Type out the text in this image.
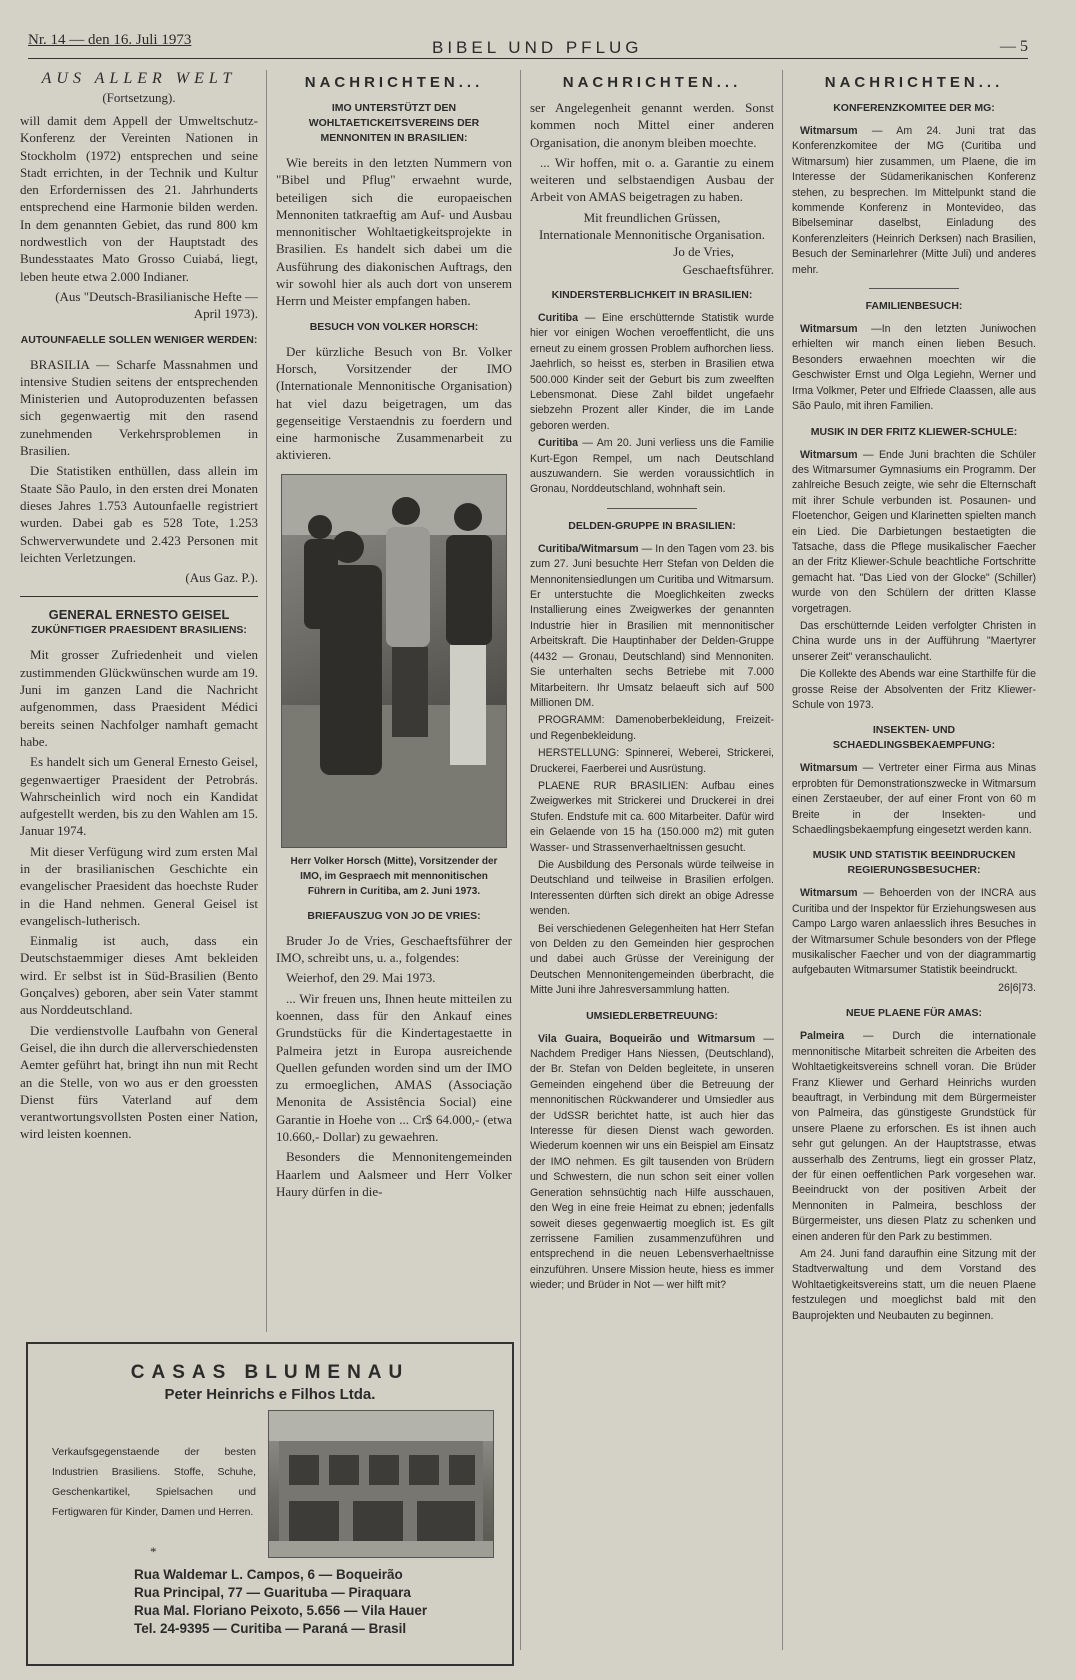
Nr. 14 — den 16. Juli 1973	BIBEL UND PFLUG	— 5
AUS ALLER WELT
(Fortsetzung).

will damit dem Appell der Umweltschutz-Konferenz der Vereinten Nationen in Stockholm (1972) entsprechen und seine Stadt errichten, in der Technik und Kultur den Erfordernissen des 21. Jahrhunderts entsprechend eine Harmonie bilden werden. In dem genannten Gebiet, das rund 800 km nordwestlich von der Hauptstadt des Bundesstaates Mato Grosso Cuiabá, liegt, leben heute etwa 2.000 Indianer.

(Aus "Deutsch-Brasilianische Hefte — April 1973).

AUTOUNFAELLE SOLLEN WENIGER WERDEN:

BRASILIA — Scharfe Massnahmen und intensive Studien seitens der entsprechenden Ministerien und Autoproduzenten befassen sich gegenwaertig mit den rasend zunehmenden Verkehrsproblemen in Brasilien.

Die Statistiken enthüllen, dass allein im Staate São Paulo, in den ersten drei Monaten dieses Jahres 1.753 Autounfaelle registriert wurden. Dabei gab es 528 Tote, 1.253 Schwerverwundete und 2.423 Personen mit leichten Verletzungen.

(Aus Gaz. P.).

GENERAL ERNESTO GEISEL
ZUKÜNFTIGER PRAESIDENT BRASILIENS:

Mit grosser Zufriedenheit und vielen zustimmenden Glückwünschen wurde am 19. Juni im ganzen Land die Nachricht aufgenommen, dass Praesident Médici bereits seinen Nachfolger namhaft gemacht habe.

Es handelt sich um General Ernesto Geisel, gegenwaertiger Praesident der Petrobrás. Wahrscheinlich wird noch ein Kandidat aufgestellt werden, bis zu den Wahlen am 15. Januar 1974.

Mit dieser Verfügung wird zum ersten Mal in der brasilianischen Geschichte ein evangelischer Praesident das hoechste Ruder in die Hand nehmen. General Geisel ist evangelisch-lutherisch.

Einmalig ist auch, dass ein Deutschstaemmiger dieses Amt bekleiden wird. Er selbst ist in Süd-Brasilien (Bento Gonçalves) geboren, aber sein Vater stammt aus Norddeutschland.

Die verdienstvolle Laufbahn von General Geisel, die ihn durch die allerverschiedensten Aemter geführt hat, bringt ihn nun mit Recht an die Stelle, von wo aus er den groessten Dienst fürs Vaterland auf dem verantwortungsvollsten Posten einer Nation, wird leisten koennen.

NACHRICHTEN...
IMO UNTERSTÜTZT DEN WOHLTAETICKEITSVEREINS DER MENNONITEN IN BRASILIEN:

Wie bereits in den letzten Nummern von "Bibel und Pflug" erwaehnt wurde, beteiligen sich die europaeischen Mennoniten tatkraeftig am Auf- und Ausbau mennonitischer Wohltaetigkeitsprojekte in Brasilien. Es handelt sich dabei um die Ausführung des diakonischen Auftrags, den wir sowohl hier als auch dort von unserem Herrn und Meister empfangen haben.

BESUCH VON VOLKER HORSCH:

Der kürzliche Besuch von Br. Volker Horsch, Vorsitzender der IMO (Internationale Mennonitische Organisation) hat viel dazu beigetragen, um das gegenseitige Verstaendnis zu foerdern und eine harmonische Zusammenarbeit zu aktivieren.

Herr Volker Horsch (Mitte), Vorsitzender der IMO, im Gespraech mit mennonitischen Führern in Curitiba, am 2. Juni 1973.
BRIEFAUSZUG VON JO DE VRIES:

Bruder Jo de Vries, Geschaeftsführer der IMO, schreibt uns, u. a., folgendes:

Weierhof, den 29. Mai 1973.

... Wir freuen uns, Ihnen heute mitteilen zu koennen, dass für den Ankauf eines Grundstücks für die Kindertagestaette in Palmeira jetzt in Europa ausreichende Quellen gefunden worden sind um der IMO zu ermoeglichen, AMAS (Associação Menonita de Assistência Social) eine Garantie in Hoehe von ... Cr$ 64.000,- (etwa 10.660,- Dollar) zu gewaehren.

Besonders die Mennonitengemeinden Haarlem und Aalsmeer und Herr Volker Haury dürfen in die-

NACHRICHTEN...

ser Angelegenheit genannt werden. Sonst kommen noch Mittel einer anderen Organisation, die anonym bleiben moechte.

... Wir hoffen, mit o. a. Garantie zu einem weiteren und selbstaendigen Ausbau der Arbeit von AMAS beigetragen zu haben.

Mit freundlichen Grüssen,

Internationale Mennonitische Organisation.

Jo de Vries,

Geschaeftsführer.

KINDERSTERBLICHKEIT IN BRASILIEN:

Curitiba — Eine erschütternde Statistik wurde hier vor einigen Wochen veroeffentlicht, die uns erneut zu einem grossen Problem aufhorchen liess. Jaehrlich, so heisst es, sterben in Brasilien etwa 500.000 Kinder seit der Geburt bis zum zweelften Lebensmonat. Diese Zahl bildet ungefaehr siebzehn Prozent aller Kinder, die im Lande geboren werden.

Curitiba — Am 20. Juni verliess uns die Familie Kurt-Egon Rempel, um nach Deutschland auszuwandern. Sie werden voraussichtlich in Gronau, Norddeutschland, wohnhaft sein.

DELDEN-GRUPPE IN BRASILIEN:

Curitiba/Witmarsum — In den Tagen vom 23. bis zum 27. Juni besuchte Herr Stefan von Delden die Mennonitensiedlungen um Curitiba und Witmarsum. Er unterstuchte die Moeglichkeiten zwecks Installierung eines Zweigwerkes der genannten Industrie hier in Brasilien mit mennonitischer Arbeitskraft. Die Hauptinhaber der Delden-Gruppe (4432 — Gronau, Deutschland) sind Mennoniten. Sie unterhalten sechs Betriebe mit 7.000 Mitarbeitern. Ihr Umsatz belaeuft sich auf 500 Millionen DM.

PROGRAMM: Damenoberbekleidung, Freizeit- und Regenbekleidung.

HERSTELLUNG: Spinnerei, Weberei, Strickerei, Druckerei, Faerberei und Ausrüstung.

PLAENE RUR BRASILIEN: Aufbau eines Zweigwerkes mit Strickerei und Druckerei in drei Stufen. Endstufe mit ca. 600 Mitarbeiter. Dafür wird ein Gelaende von 15 ha (150.000 m2) mit guten Wasser- und Strassenverhaeltnissen gesucht.

Die Ausbildung des Personals würde teilweise in Deutschland und teilweise in Brasilien erfolgen. Interessenten dürften sich direkt an obige Adresse wenden.

Bei verschiedenen Gelegenheiten hat Herr Stefan von Delden zu den Gemeinden hier gesprochen und dabei auch Grüsse der Vereinigung der Deutschen Mennonitengemeinden überbracht, die Mitte Juni ihre Jahresversammlung hatten.

UMSIEDLERBETREUUNG:

Vila Guaira, Boqueirão und Witmarsum — Nachdem Prediger Hans Niessen, (Deutschland), der Br. Stefan von Delden begleitete, in unseren Gemeinden eingehend über die Betreuung der mennonitischen Rückwanderer und Umsiedler aus der UdSSR berichtet hatte, ist auch hier das Interesse für diesen Dienst wach geworden. Wiederum koennen wir uns ein Beispiel am Einsatz der IMO nehmen. Es gilt tausenden von Brüdern und Schwestern, die nun schon seit einer vollen Generation sehnsüchtig nach Hilfe ausschauen, den Weg in eine freie Heimat zu ebnen; jedenfalls soweit dieses gegenwaertig moeglich ist. Es gilt zerrissene Familien zusammenzuführen und entsprechend in die neuen Lebensverhaeltnisse einzuführen. Unsere Mission heute, hiess es immer wieder; und Brüder in Not — wer hilft mit?

NACHRICHTEN...
KONFERENZKOMITEE DER MG:

Witmarsum — Am 24. Juni trat das Konferenzkomitee der MG (Curitiba und Witmarsum) hier zusammen, um Plaene, die im Interesse der Südamerikanischen Konferenz stehen, zu besprechen. Im Mittelpunkt stand die kommende Konferenz in Montevideo, das Bibelseminar daselbst, Einladung des Konferenzleiters (Heinrich Derksen) nach Brasilien, Besuch der Seminarlehrer (Mitte Juli) und anderes mehr.

FAMILIENBESUCH:

Witmarsum —In den letzten Juniwochen erhielten wir manch einen lieben Besuch. Besonders erwaehnen moechten wir die Geschwister Ernst und Olga Legiehn, Werner und Irma Volkmer, Peter und Elfriede Claassen, alle aus São Paulo, mit ihren Familien.

MUSIK IN DER FRITZ KLIEWER-SCHULE:

Witmarsum — Ende Juni brachten die Schüler des Witmarsumer Gymnasiums ein Programm. Der zahlreiche Besuch zeigte, wie sehr die Elternschaft mit ihrer Schule verbunden ist. Posaunen- und Floetenchor, Geigen und Klarinetten spielten manch ein Lied. Die Darbietungen bestaetigten die Tatsache, dass die Pflege musikalischer Faecher an der Fritz Kliewer-Schule beachtliche Fortschritte gemacht hat. "Das Lied von der Glocke" (Schiller) wurde von den Schülern der dritten Klasse vorgetragen.

Das erschütternde Leiden verfolgter Christen in China wurde uns in der Aufführung "Maertyrer unserer Zeit" veranschaulicht.

Die Kollekte des Abends war eine Starthilfe für die grosse Reise der Absolventen der Fritz Kliewer-Schule von 1973.

INSEKTEN- UND SCHAEDLINGSBEKAEMPFUNG:

Witmarsum — Vertreter einer Firma aus Minas erprobten für Demonstrationszwecke in Witmarsum einen Zerstaeuber, der auf einer Front von 60 m Breite in der Insekten- und Schaedlingsbekaempfung eingesetzt werden kann.

MUSIK UND STATISTIK BEEINDRUCKEN REGIERUNGSBESUCHER:

Witmarsum — Behoerden von der INCRA aus Curitiba und der Inspektor für Erziehungswesen aus Campo Largo waren anlaesslich ihres Besuches in der Witmarsumer Schule besonders von der Pflege musikalischer Faecher und von der diagrammartig aufgebauten Witmarsumer Statistik beeindruckt.

26|6|73.

NEUE PLAENE FÜR AMAS:

Palmeira — Durch die internationale mennonitische Mitarbeit schreiten die Arbeiten des Wohltaetigkeitsvereins schnell voran. Die Brüder Franz Kliewer und Gerhard Heinrichs wurden beauftragt, in Verbindung mit dem Bürgermeister von Palmeira, das günstigeste Grundstück für unsere Plaene zu erforschen. Es ist ihnen auch sehr gut gelungen. An der Hauptstrasse, etwas ausserhalb des Zentrums, liegt ein grosser Platz, der für einen oeffentlichen Park vorgesehen war. Beeindruckt von der positiven Arbeit der Mennoniten in Palmeira, beschloss der Bürgermeister, uns diesen Platz zu schenken und einen anderen für den Park zu bestimmen.

Am 24. Juni fand daraufhin eine Sitzung mit der Stadtverwaltung und dem Vorstand des Wohltaetigkeitsvereins statt, um die neuen Plaene festzulegen und moeglichst bald mit den Bauprojekten und Neubauten zu beginnen.

CASAS BLUMENAU
Peter Heinrichs e Filhos Ltda.
Verkaufsgegenstaende der besten Industrien Brasiliens. Stoffe, Schuhe, Geschenkartikel, Spielsachen und Fertigwaren für Kinder, Damen und Herren.
*
Rua Waldemar L. Campos, 6 — Boqueirão
Rua Principal, 77 — Guarituba — Piraquara
Rua Mal. Floriano Peixoto, 5.656 — Vila Hauer
Tel. 24-9395 — Curitiba — Paraná — Brasil
